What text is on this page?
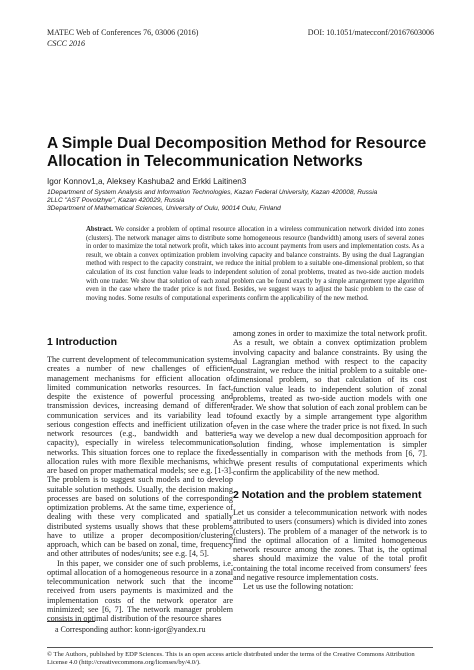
MATEC Web of Conferences 76, 03006 (2016)	DOI: 10.1051/matecconf/20167603006
CSCC 2016
A Simple Dual Decomposition Method for Resource Allocation in Telecommunication Networks
Igor Konnov1,a, Aleksey Kashuba2 and Erkki Laitinen3
1Department of System Analysis and Information Technologies, Kazan Federal University, Kazan 420008, Russia
2LLC "AST Povolzhye", Kazan 420029, Russia
3Department of Mathematical Sciences, University of Oulu, 90014 Oulu, Finland
Abstract. We consider a problem of optimal resource allocation in a wireless communication network divided into zones (clusters). The network manager aims to distribute some homogeneous resource (bandwidth) among users of several zones in order to maximize the total network profit, which takes into account payments from users and implementation costs. As a result, we obtain a convex optimization problem involving capacity and balance constraints. By using the dual Lagrangian method with respect to the capacity constraint, we reduce the initial problem to a suitable one-dimensional problem, so that calculation of its cost function value leads to independent solution of zonal problems, treated as two-side auction models with one trader. We show that solution of each zonal problem can be found exactly by a simple arrangement type algorithm even in the case where the trader price is not fixed. Besides, we suggest ways to adjust the basic problem to the case of moving nodes. Some results of computational experiments confirm the applicability of the new method.
1 Introduction

The current development of telecommunication systems creates a number of new challenges of efficient management mechanisms for efficient allocation of limited communication networks resources. In fact, despite the existence of powerful processing and transmission devices, increasing demand of different communication services and its variability lead to serious congestion effects and inefficient utilization of network resources (e.g., bandwidth and batteries capacity), especially in wireless telecommunication networks. This situation forces one to replace the fixed allocation rules with more flexible mechanisms, which are based on proper mathematical models; see e.g. [1-3]. The problem is to suggest such models and to develop suitable solution methods. Usually, the decision making processes are based on solutions of the corresponding optimization problems. At the same time, experience of dealing with these very complicated and spatially distributed systems usually shows that these problems have to utilize a proper decomposition/clustering approach, which can be based on zonal, time, frequency and other attributes of nodes/units; see e.g. [4, 5].

In this paper, we consider one of such problems, i.e. optimal allocation of a homogeneous resource in a zonal telecommunication network such that the income received from users payments is maximized and the implementation costs of the network operator are minimized; see [6, 7]. The network manager problem consists in optimal distribution of the resource shares

among zones in order to maximize the total network profit. As a result, we obtain a convex optimization problem involving capacity and balance constraints. By using the dual Lagrangian method with respect to the capacity constraint, we reduce the initial problem to a suitable one-dimensional problem, so that calculation of its cost function value leads to independent solution of zonal problems, treated as two-side auction models with one trader. We show that solution of each zonal problem can be found exactly by a simple arrangement type algorithm even in the case where the trader price is not fixed. In such a way we develop a new dual decomposition approach for solution finding, whose implementation is simpler essentially in comparison with the methods from [6, 7]. We present results of computational experiments which confirm the applicability of the new method.

2 Notation and the problem statement

Let us consider a telecommunication network with nodes attributed to users (consumers) which is divided into zones (clusters). The problem of a manager of the network is to find the optimal allocation of a limited homogeneous network resource among the zones. That is, the optimal shares should maximize the value of the total profit containing the total income received from consumers' fees and negative resource implementation costs.

Let us use the following notation:

a Corresponding author: konn-igor@yandex.ru
© The Authors, published by EDP Sciences. This is an open access article distributed under the terms of the Creative Commons Attribution License 4.0 (http://creativecommons.org/licenses/by/4.0/).
